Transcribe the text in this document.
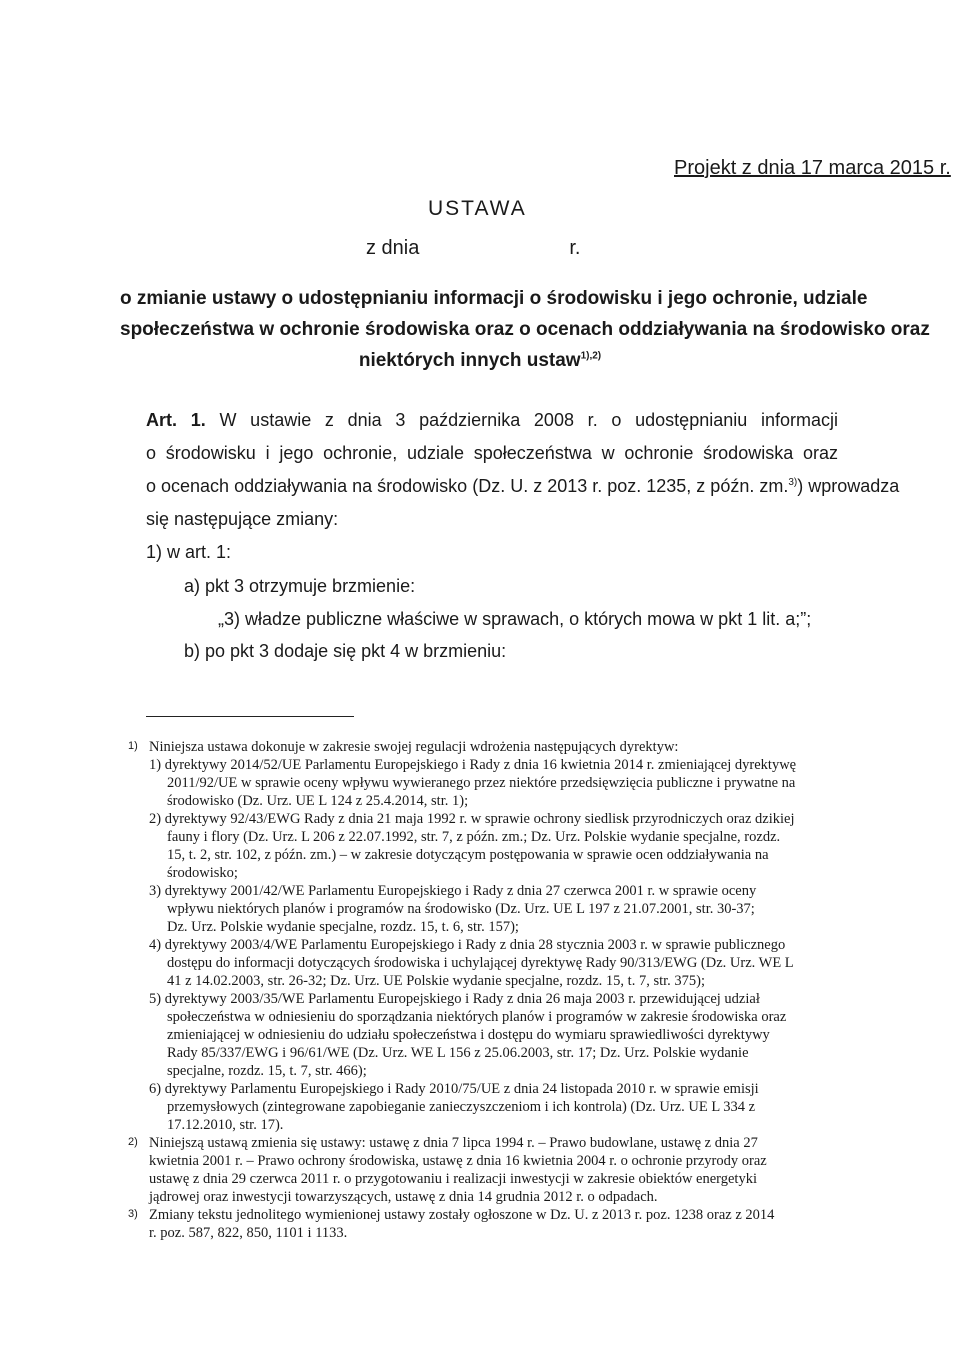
Projekt z dnia 17 marca 2015 r.
USTAWA
z dnia	r.
o zmianie ustawy o udostępnianiu informacji o środowisku i jego ochronie, udziale
społeczeństwa w ochronie środowiska oraz o ocenach oddziaływania na środowisko oraz
niektórych innych ustaw$^{1),2)}$
Art. 1. W ustawie z dnia 3 października 2008 r. o udostępnianiu informacji
o środowisku i jego ochronie, udziale społeczeństwa w ochronie środowiska oraz
o ocenach oddziaływania na środowisko (Dz. U. z 2013 r. poz. 1235, z późn. zm.$^{3)}$) wprowadza
się następujące zmiany:
1) w art. 1:
a) pkt 3 otrzymuje brzmienie:
„3) władze publiczne właściwe w sprawach, o których mowa w pkt 1 lit. a;”;
b) po pkt 3 dodaje się pkt 4 w brzmieniu:
1) Niniejsza ustawa dokonuje w zakresie swojej regulacji wdrożenia następujących dyrektyw:
1) dyrektywy 2014/52/UE Parlamentu Europejskiego i Rady z dnia 16 kwietnia 2014 r. zmieniającej dyrektywę
2011/92/UE w sprawie oceny wpływu wywieranego przez niektóre przedsięwzięcia publiczne i prywatne na
środowisko (Dz. Urz. UE L 124 z 25.4.2014, str. 1);
2) dyrektywy 92/43/EWG Rady z dnia 21 maja 1992 r. w sprawie ochrony siedlisk przyrodniczych oraz dzikiej
fauny i flory (Dz. Urz. L 206 z 22.07.1992, str. 7, z późn. zm.; Dz. Urz. Polskie wydanie specjalne, rozdz.
15, t. 2, str. 102, z późn. zm.) – w zakresie dotyczącym postępowania w sprawie ocen oddziaływania na
środowisko;
3) dyrektywy 2001/42/WE Parlamentu Europejskiego i Rady z dnia 27 czerwca 2001 r. w sprawie oceny
wpływu niektórych planów i programów na środowisko (Dz. Urz. UE L 197 z 21.07.2001, str. 30-37;
Dz. Urz. Polskie wydanie specjalne, rozdz. 15, t. 6, str. 157);
4) dyrektywy 2003/4/WE Parlamentu Europejskiego i Rady z dnia 28 stycznia 2003 r. w sprawie publicznego
dostępu do informacji dotyczących środowiska i uchylającej dyrektywę Rady 90/313/EWG (Dz. Urz. WE L
41 z 14.02.2003, str. 26-32; Dz. Urz. UE Polskie wydanie specjalne, rozdz. 15, t. 7, str. 375);
5) dyrektywy 2003/35/WE Parlamentu Europejskiego i Rady z dnia 26 maja 2003 r. przewidującej udział
społeczeństwa w odniesieniu do sporządzania niektórych planów i programów w zakresie środowiska oraz
zmieniającej w odniesieniu do udziału społeczeństwa i dostępu do wymiaru sprawiedliwości dyrektywy
Rady 85/337/EWG i 96/61/WE (Dz. Urz. WE L 156 z 25.06.2003, str. 17; Dz. Urz. Polskie wydanie
specjalne, rozdz. 15, t. 7, str. 466);
6) dyrektywy Parlamentu Europejskiego i Rady 2010/75/UE z dnia 24 listopada 2010 r. w sprawie emisji
przemysłowych (zintegrowane zapobieganie zanieczyszczeniom i ich kontrola) (Dz. Urz. UE L 334 z
17.12.2010, str. 17).
2) Niniejszą ustawą zmienia się ustawy: ustawę z dnia 7 lipca 1994 r. – Prawo budowlane, ustawę z dnia 27
kwietnia 2001 r. – Prawo ochrony środowiska, ustawę z dnia 16 kwietnia 2004 r. o ochronie przyrody oraz
ustawę z dnia 29 czerwca 2011 r. o przygotowaniu i realizacji inwestycji w zakresie obiektów energetyki
jądrowej oraz inwestycji towarzyszących, ustawę z dnia 14 grudnia 2012 r. o odpadach.
3) Zmiany tekstu jednolitego wymienionej ustawy zostały ogłoszone w Dz. U. z 2013 r. poz. 1238 oraz z 2014
r. poz. 587, 822, 850, 1101 i 1133.
